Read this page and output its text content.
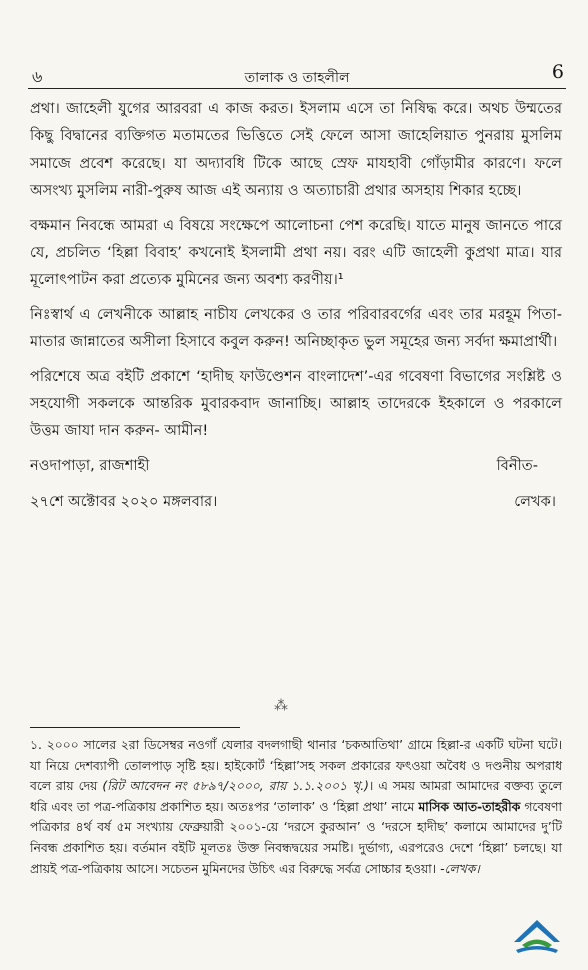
৬	তালাক ও তাহলীল	6

প্রথা। জাহেলী যুগের আরবরা এ কাজ করত। ইসলাম এসে তা নিষিদ্ধ করে। অথচ উম্মতের কিছু বিদ্বানের ব্যক্তিগত মতামতের ভিত্তিতে সেই ফেলে আসা জাহেলিয়াত পুনরায় মুসলিম সমাজে প্রবেশ করেছে। যা অদ্যাবধি টিকে আছে স্রেফ মাযহাবী গোঁড়ামীর কারণে। ফলে অসংখ্য মুসলিম নারী-পুরুষ আজ এই অন্যায় ও অত্যাচারী প্রথার অসহায় শিকার হচ্ছে।

বক্ষমান নিবন্ধে আমরা এ বিষয়ে সংক্ষেপে আলোচনা পেশ করেছি। যাতে মানুষ জানতে পারে যে, প্রচলিত ‘হিল্লা বিবাহ’ কখনোই ইসলামী প্রথা নয়। বরং এটি জাহেলী কুপ্রথা মাত্র। যার মূলোৎপাটন করা প্রত্যেক মুমিনের জন্য অবশ্য করণীয়।¹

নিঃস্বার্থ এ লেখনীকে আল্লাহ নাচীয লেখকের ও তার পরিবারবর্গের এবং তার মরহূম পিতা-মাতার জান্নাতের অসীলা হিসাবে কবুল করুন! অনিচ্ছাকৃত ভুল সমূহের জন্য সর্বদা ক্ষমাপ্রার্থী।

পরিশেষে অত্র বইটি প্রকাশে ‘হাদীছ ফাউণ্ডেশন বাংলাদেশ’-এর গবেষণা বিভাগের সংশ্লিষ্ট ও সহযোগী সকলকে আন্তরিক মুবারকবাদ জানাচ্ছি। আল্লাহ তাদেরকে ইহকালে ও পরকালে উত্তম জাযা দান করুন- আমীন!

নওদাপাড়া, রাজশাহী	বিনীত-
২৭শে অক্টোবর ২০২০ মঙ্গলবার।	লেখক।
⁂
১. ২০০০ সালের ২রা ডিসেম্বর নওগাঁ যেলার বদলগাছী থানার ‘চকআতিথা’ গ্রামে হিল্লা-র একটি ঘটনা ঘটে। যা নিয়ে দেশব্যাপী তোলপাড় সৃষ্টি হয়। হাইকোর্ট ‘হিল্লা’সহ সকল প্রকারের ফৎওয়া অবৈধ ও দণ্ডনীয় অপরাধ বলে রায় দেয় (রিট আবেদন নং ৫৮৯৭/২০০০, রায় ১.১.২০০১ খৃ.)। এ সময় আমরা আমাদের বক্তব্য তুলে ধরি এবং তা পত্র-পত্রিকায় প্রকাশিত হয়। অতঃপর ‘তালাক’ ও ‘হিল্লা প্রথা’ নামে মাসিক আত-তাহরীক গবেষণা পত্রিকার ৪র্থ বর্ষ ৫ম সংখ্যায় ফেব্রুয়ারী ২০০১-য়ে ‘দরসে কুরআন’ ও ‘দরসে হাদীছ’ কলামে আমাদের দু’টি নিবন্ধ প্রকাশিত হয়। বর্তমান বইটি মূলতঃ উক্ত নিবন্ধদ্বয়ের সমষ্টি। দুর্ভাগ্য, এরপরেও দেশে ‘হিল্লা’ চলছে। যা প্রায়ই পত্র-পত্রিকায় আসে। সচেতন মুমিনদের উচিৎ এর বিরুদ্ধে সর্বত্র সোচ্চার হওয়া। -লেখক।
